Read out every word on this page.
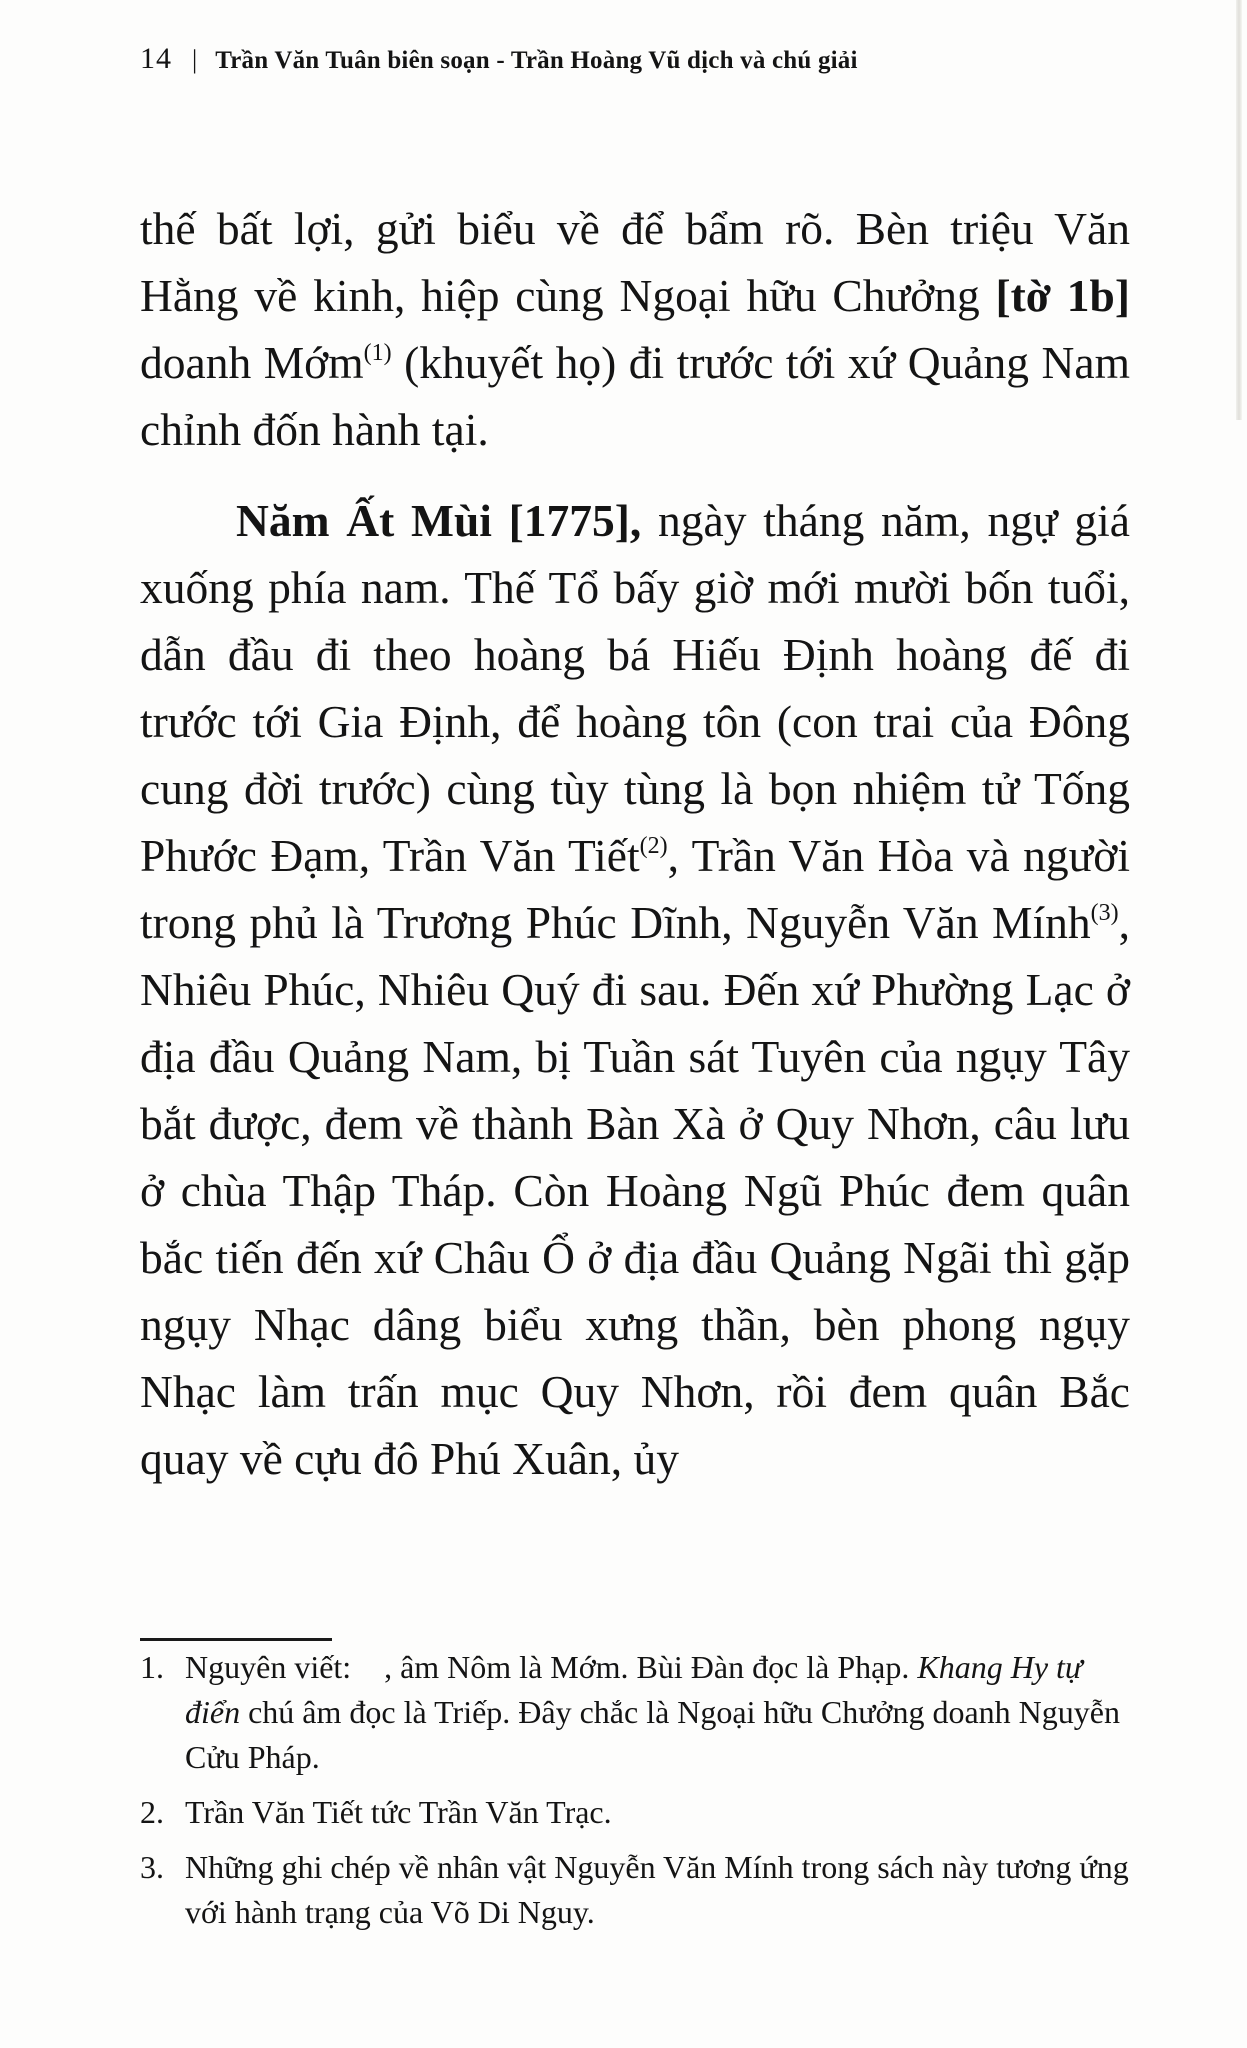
14 | Trần Văn Tuân biên soạn - Trần Hoàng Vũ dịch và chú giải

thế bất lợi, gửi biểu về để bẩm rõ. Bèn triệu Văn Hằng về kinh, hiệp cùng Ngoại hữu Chưởng [tờ 1b] doanh Mớm$^{(1)}$ (khuyết họ) đi trước tới xứ Quảng Nam chỉnh đốn hành tại.

Năm Ất Mùi [1775], ngày tháng năm, ngự giá xuống phía nam. Thế Tổ bấy giờ mới mười bốn tuổi, dẫn đầu đi theo hoàng bá Hiếu Định hoàng đế đi trước tới Gia Định, để hoàng tôn (con trai của Đông cung đời trước) cùng tùy tùng là bọn nhiệm tử Tống Phước Đạm, Trần Văn Tiết$^{(2)}$, Trần Văn Hòa và người trong phủ là Trương Phúc Dĩnh, Nguyễn Văn Mính$^{(3)}$, Nhiêu Phúc, Nhiêu Quý đi sau. Đến xứ Phường Lạc ở địa đầu Quảng Nam, bị Tuần sát Tuyên của ngụy Tây bắt được, đem về thành Bàn Xà ở Quy Nhơn, câu lưu ở chùa Thập Tháp. Còn Hoàng Ngũ Phúc đem quân bắc tiến đến xứ Châu Ổ ở địa đầu Quảng Ngãi thì gặp ngụy Nhạc dâng biểu xưng thần, bèn phong ngụy Nhạc làm trấn mục Quy Nhơn, rồi đem quân Bắc quay về cựu đô Phú Xuân, ủy

1. Nguyên viết: 𠯇, âm Nôm là Mớm. Bùi Đàn đọc là Phạp. Khang Hy tự điển chú âm đọc là Triếp. Đây chắc là Ngoại hữu Chưởng doanh Nguyễn Cửu Pháp.
2. Trần Văn Tiết tức Trần Văn Trạc.
3. Những ghi chép về nhân vật Nguyễn Văn Mính trong sách này tương ứng với hành trạng của Võ Di Nguy.
